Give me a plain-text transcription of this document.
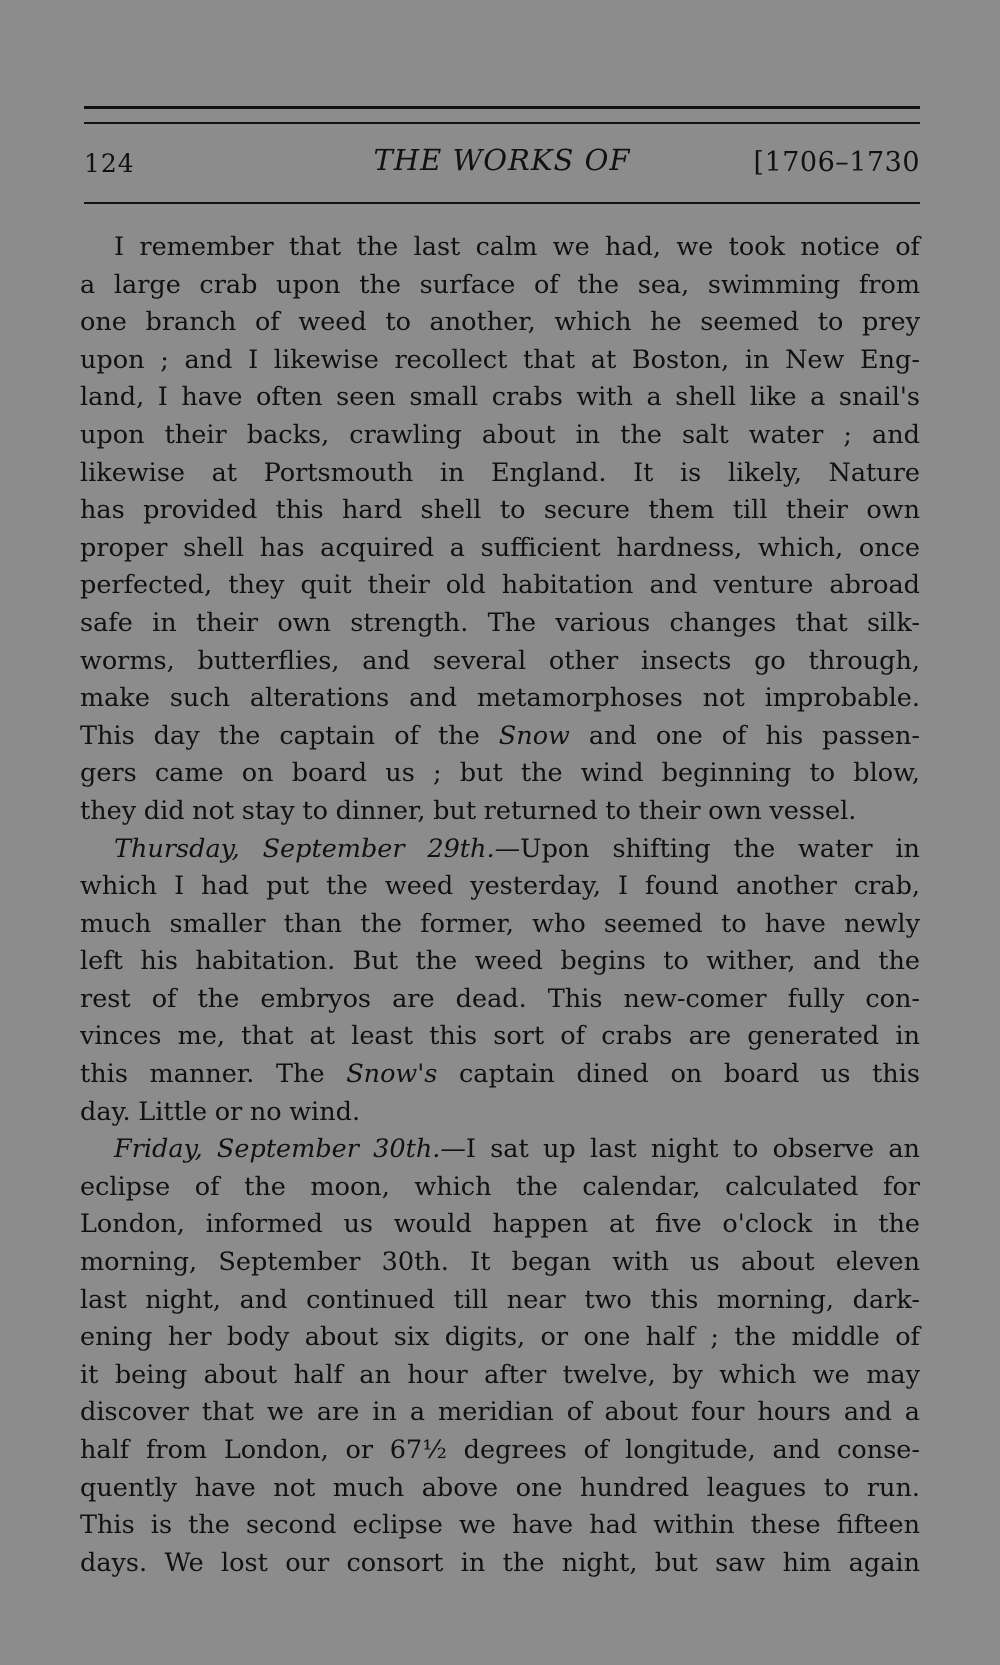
124	THE WORKS OF	[1706–1730
I remember that the last calm we had, we took notice of
a large crab upon the surface of the sea, swimming from
one branch of weed to another, which he seemed to prey
upon ; and I likewise recollect that at Boston, in New Eng-
land, I have often seen small crabs with a shell like a snail's
upon their backs, crawling about in the salt water ; and
likewise at Portsmouth in England. It is likely, Nature
has provided this hard shell to secure them till their own
proper shell has acquired a sufficient hardness, which, once
perfected, they quit their old habitation and venture abroad
safe in their own strength. The various changes that silk-
worms, butterflies, and several other insects go through,
make such alterations and metamorphoses not improbable.
This day the captain of the Snow and one of his passen-
gers came on board us ; but the wind beginning to blow,
they did not stay to dinner, but returned to their own vessel.
Thursday, September 29th.—Upon shifting the water in
which I had put the weed yesterday, I found another crab,
much smaller than the former, who seemed to have newly
left his habitation. But the weed begins to wither, and the
rest of the embryos are dead. This new-comer fully con-
vinces me, that at least this sort of crabs are generated in
this manner. The Snow's captain dined on board us this
day. Little or no wind.
Friday, September 30th.—I sat up last night to observe an
eclipse of the moon, which the calendar, calculated for
London, informed us would happen at five o'clock in the
morning, September 30th. It began with us about eleven
last night, and continued till near two this morning, dark-
ening her body about six digits, or one half ; the middle of
it being about half an hour after twelve, by which we may
discover that we are in a meridian of about four hours and a
half from London, or 67½ degrees of longitude, and conse-
quently have not much above one hundred leagues to run.
This is the second eclipse we have had within these fifteen
days. We lost our consort in the night, but saw him again
